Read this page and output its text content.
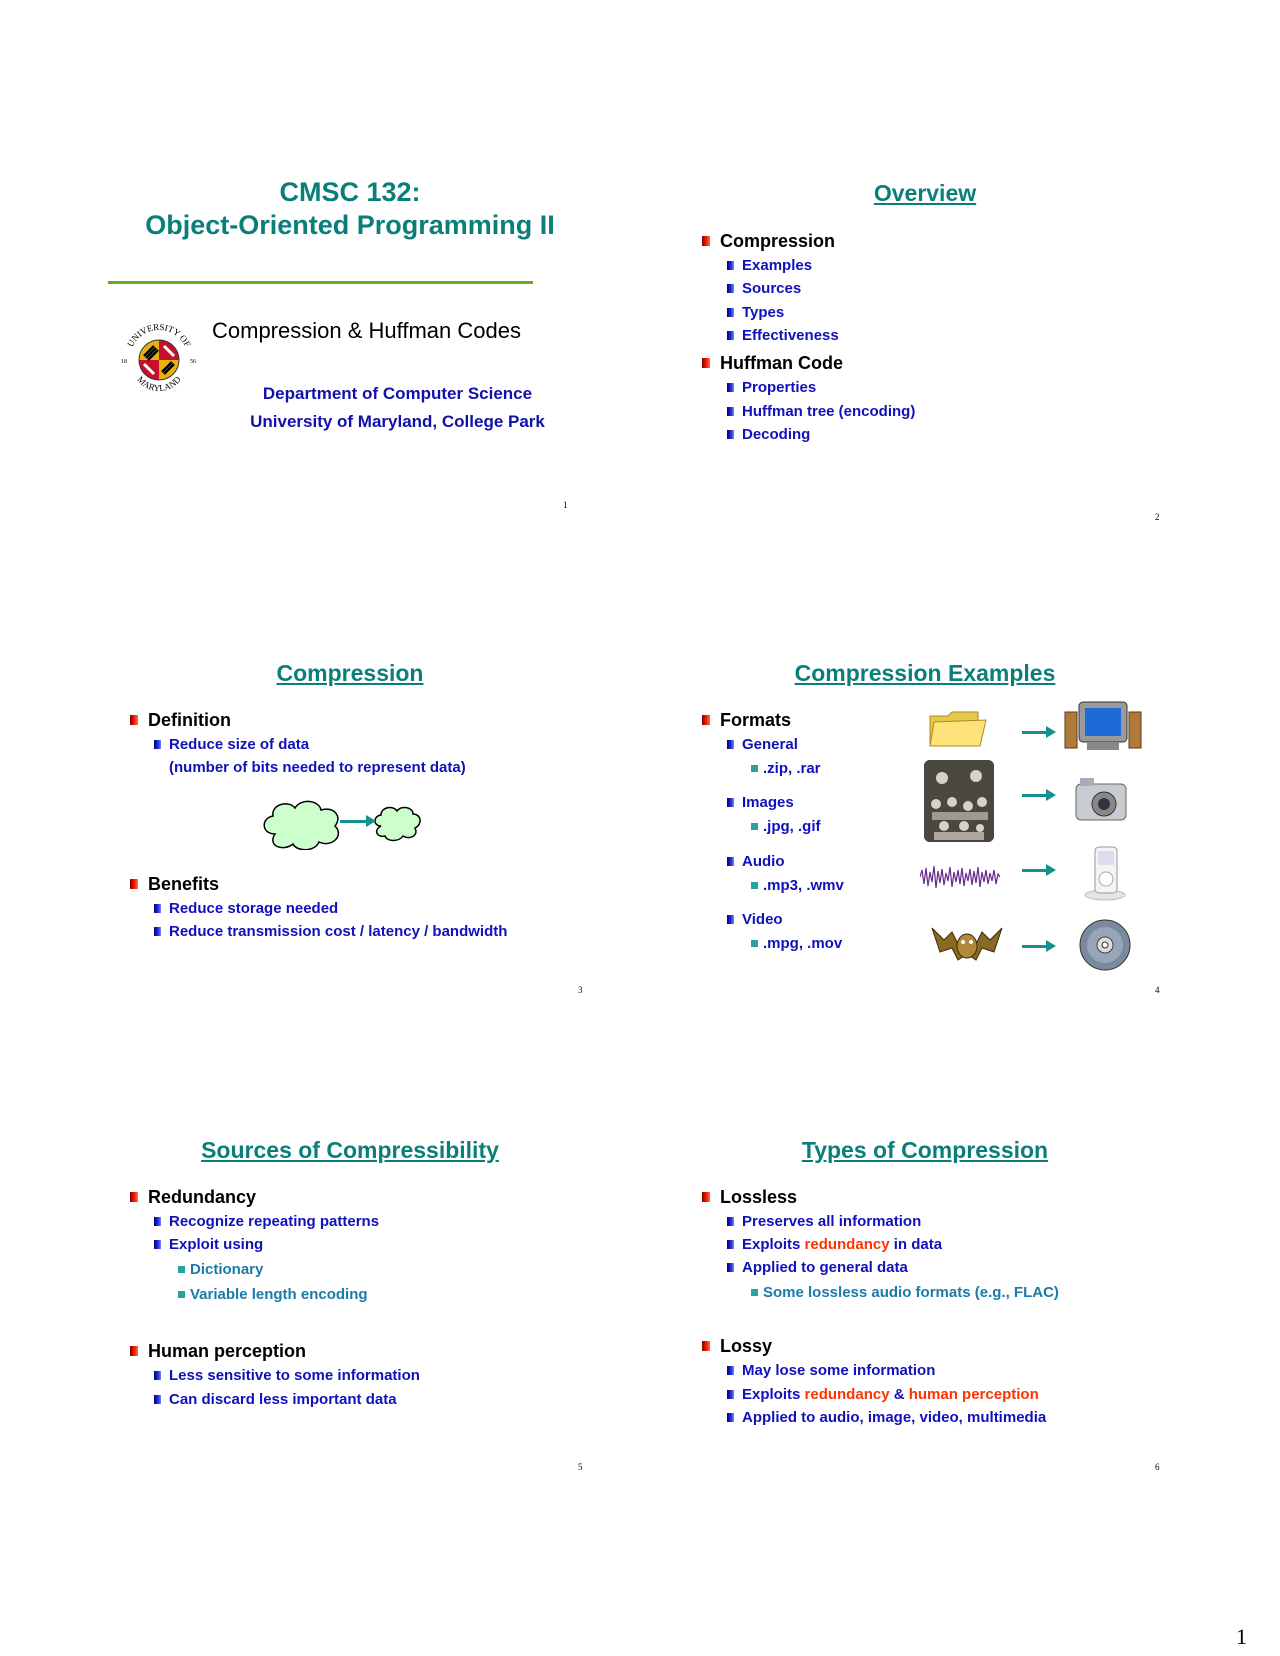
CMSC 132:
Object-Oriented Programming II
UNIVERSITY OF
MARYLAND
18	56
Compression & Huffman Codes
Department of Computer Science
University of Maryland, College Park
1
Overview
Compression
Examples
Sources
Types
Effectiveness
Huffman Code
Properties
Huffman tree (encoding)
Decoding
2
Compression
Definition
Reduce size of data
(number of bits needed to represent data)
Benefits
Reduce storage needed
Reduce transmission cost / latency / bandwidth
3
Compression Examples
Formats
General
.zip, .rar
Images
.jpg, .gif
Audio
.mp3, .wmv
Video
.mpg, .mov
4
Sources of Compressibility
Redundancy
Recognize repeating patterns
Exploit using
Dictionary
Variable length encoding
Human perception
Less sensitive to some information
Can discard less important data
5
Types of Compression
Lossless
Preserves all information
Exploits redundancy in data
Applied to general data
Some lossless audio formats (e.g., FLAC)
Lossy
May lose some information
Exploits redundancy & human perception
Applied to audio, image, video, multimedia
6
1
